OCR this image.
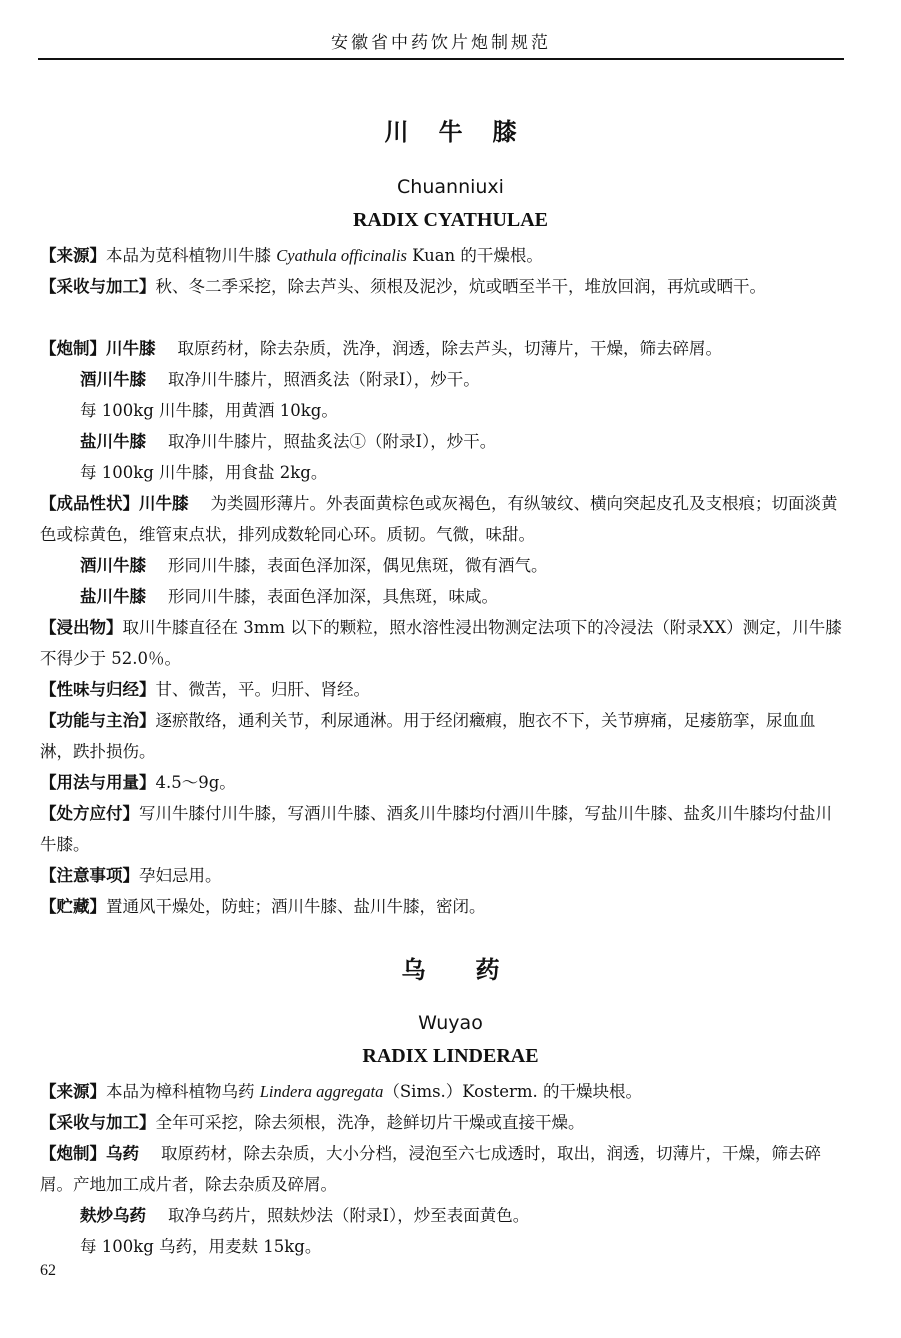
安徽省中药饮片炮制规范
川牛膝
Chuanniuxi
RADIX CYATHULAE

【来源】本品为苋科植物川牛膝 Cyathula officinalis Kuan 的干燥根。

【采收与加工】秋、冬二季采挖，除去芦头、须根及泥沙，炕或晒至半干，堆放回润，再炕或晒干。

【炮制】川牛膝 取原药材，除去杂质，洗净，润透，除去芦头，切薄片，干燥，筛去碎屑。

酒川牛膝 取净川牛膝片，照酒炙法（附录Ⅰ），炒干。

每 100kg 川牛膝，用黄酒 10kg。

盐川牛膝 取净川牛膝片，照盐炙法①（附录Ⅰ），炒干。

每 100kg 川牛膝，用食盐 2kg。

【成品性状】川牛膝 为类圆形薄片。外表面黄棕色或灰褐色，有纵皱纹、横向突起皮孔及支根痕；切面淡黄色或棕黄色，维管束点状，排列成数轮同心环。质韧。气微，味甜。

酒川牛膝 形同川牛膝，表面色泽加深，偶见焦斑，微有酒气。

盐川牛膝 形同川牛膝，表面色泽加深，具焦斑，味咸。

【浸出物】取川牛膝直径在 3mm 以下的颗粒，照水溶性浸出物测定法项下的冷浸法（附录XX）测定，川牛膝不得少于 52.0％。

【性味与归经】甘、微苦，平。归肝、肾经。

【功能与主治】逐瘀散络，通利关节，利尿通淋。用于经闭癥瘕，胞衣不下，关节痹痛，足痿筋挛，尿血血淋，跌扑损伤。

【用法与用量】4.5～9g。

【处方应付】写川牛膝付川牛膝，写酒川牛膝、酒炙川牛膝均付酒川牛膝，写盐川牛膝、盐炙川牛膝均付盐川牛膝。

【注意事项】孕妇忌用。

【贮藏】置通风干燥处，防蛀；酒川牛膝、盐川牛膝，密闭。

乌药
Wuyao
RADIX LINDERAE

【来源】本品为樟科植物乌药 Lindera aggregata（Sims.）Kosterm. 的干燥块根。

【采收与加工】全年可采挖，除去须根，洗净，趁鲜切片干燥或直接干燥。

【炮制】乌药 取原药材，除去杂质，大小分档，浸泡至六七成透时，取出，润透，切薄片，干燥，筛去碎屑。产地加工成片者，除去杂质及碎屑。

麸炒乌药 取净乌药片，照麸炒法（附录Ⅰ），炒至表面黄色。

每 100kg 乌药，用麦麸 15kg。

62
